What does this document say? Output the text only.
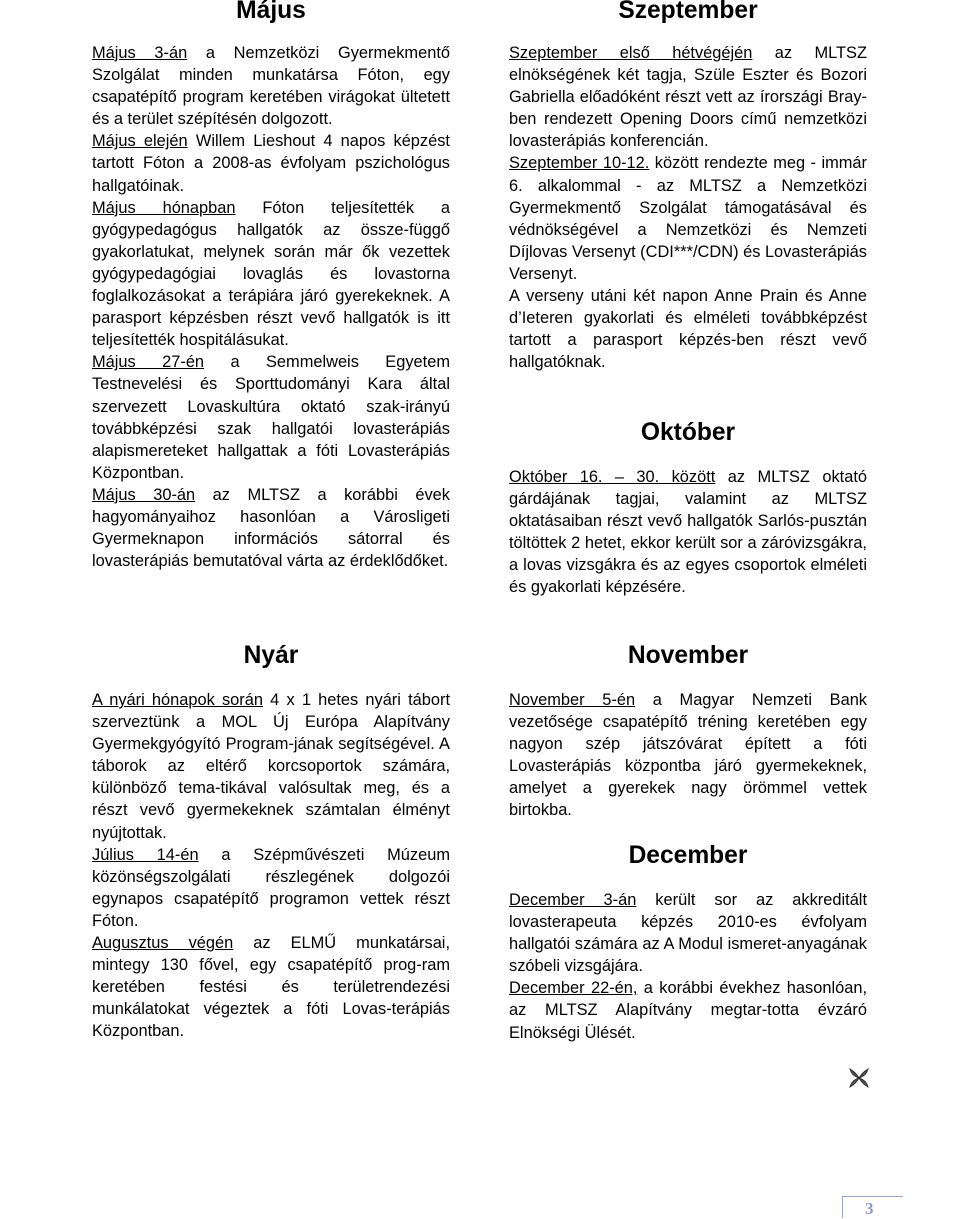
Május

Május 3-án a Nemzetközi Gyermekmentő Szolgálat minden munkatársa Fóton, egy csapatépítő program keretében virágokat ültetett és a terület szépítésén dolgozott.

Május elején Willem Lieshout 4 napos képzést tartott Fóton a 2008-as évfolyam pszichológus hallgatóinak.

Május hónapban Fóton teljesítették a gyógypedagógus hallgatók az össze-függő gyakorlatukat, melynek során már ők vezettek gyógypedagógiai lovaglás és lovastorna foglalkozásokat a terápiára járó gyerekeknek. A parasport képzésben részt vevő hallgatók is itt teljesítették hospitálásukat.

Május 27-én a Semmelweis Egyetem Testnevelési és Sporttudományi Kara által szervezett Lovaskultúra oktató szak-irányú továbbképzési szak hallgatói lovasterápiás alapismereteket hallgattak a fóti Lovasterápiás Központban.

Május 30-án az MLTSZ a korábbi évek hagyományaihoz hasonlóan a Városligeti Gyermeknapon információs sátorral és lovasterápiás bemutatóval várta az érdeklődőket.

Nyár

A nyári hónapok során 4 x 1 hetes nyári tábort szerveztünk a MOL Új Európa Alapítvány Gyermekgyógyító Program-jának segítségével. A táborok az eltérő korcsoportok számára, különböző tema-tikával valósultak meg, és a részt vevő gyermekeknek számtalan élményt nyújtottak.

Július 14-én a Szépművészeti Múzeum közönségszolgálati részlegének dolgozói egynapos csapatépítő programon vettek részt Fóton.

Augusztus végén az ELMŰ munkatársai, mintegy 130 fővel, egy csapatépítő prog-ram keretében festési és területrendezési munkálatokat végeztek a fóti Lovas-terápiás Központban.

Szeptember

Szeptember első hétvégéjén az MLTSZ elnökségének két tagja, Szüle Eszter és Bozori Gabriella előadóként részt vett az írországi Bray-ben rendezett Opening Doors című nemzetközi lovasterápiás konferencián.

Szeptember 10-12. között rendezte meg - immár 6. alkalommal - az MLTSZ a Nemzetközi Gyermekmentő Szolgálat támogatásával és védnökségével a Nemzetközi és Nemzeti Díjlovas Versenyt (CDI***/CDN) és Lovasterápiás Versenyt.

A verseny utáni két napon Anne Prain és Anne d’Ieteren gyakorlati és elméleti továbbképzést tartott a parasport képzés-ben részt vevő hallgatóknak.

Október

Október 16. – 30. között az MLTSZ oktató gárdájának tagjai, valamint az MLTSZ oktatásaiban részt vevő hallgatók Sarlós-pusztán töltöttek 2 hetet, ekkor került sor a záróvizsgákra, a lovas vizsgákra és az egyes csoportok elméleti és gyakorlati képzésére.

November

November 5-én a Magyar Nemzeti Bank vezetősége csapatépítő tréning keretében egy nagyon szép játszóvárat épített a fóti Lovasterápiás központba járó gyermekeknek, amelyet a gyerekek nagy örömmel vettek birtokba.

December

December 3-án került sor az akkreditált lovasterapeuta képzés 2010-es évfolyam hallgatói számára az A Modul ismeret-anyagának szóbeli vizsgájára.

December 22-én, a korábbi évekhez hasonlóan, az MLTSZ Alapítvány megtar-totta évzáró Elnökségi Ülését.

3
